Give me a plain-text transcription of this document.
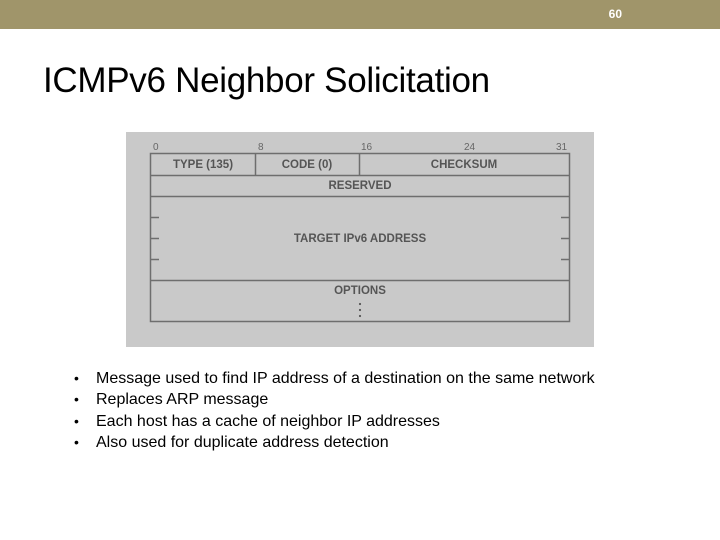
60
ICMPv6 Neighbor Solicitation
0	8	16	24	31
TYPE (135)	CODE (0)	CHECKSUM
RESERVED
TARGET IPv6 ADDRESS
OPTIONS
• Message used to find IP address of a destination on the same network
• Replaces ARP message
• Each host has a cache of neighbor IP addresses
• Also used for duplicate address detection
